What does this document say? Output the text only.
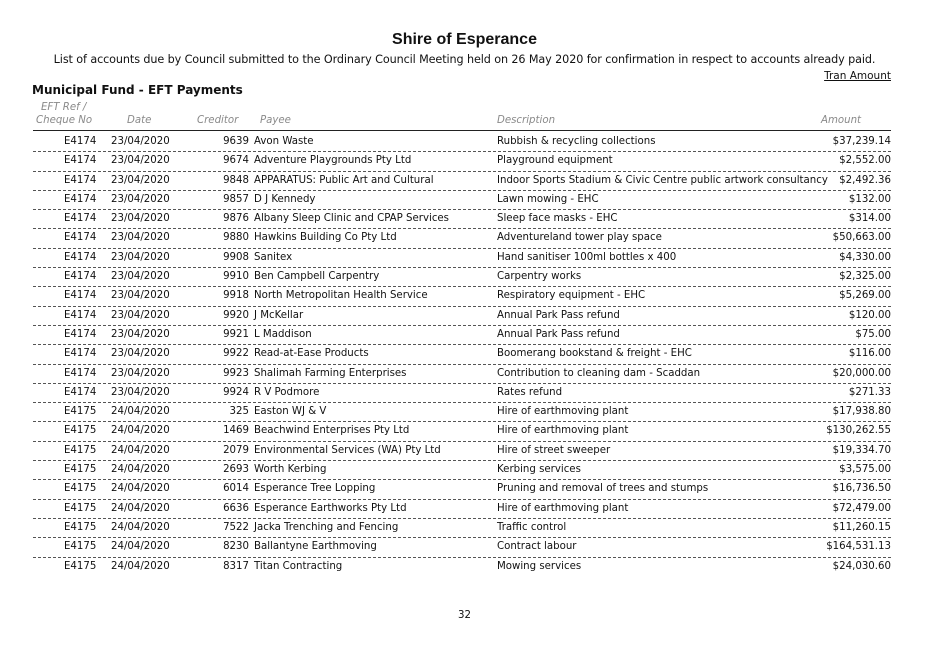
Shire of Esperance
List of accounts due by Council submitted to the Ordinary Council Meeting held on 26 May 2020 for confirmation in respect to accounts already paid.
Tran Amount
Municipal Fund - EFT Payments
EFT Ref /
Cheque No	Date	Creditor Payee	Description	Amount
E4174 23/04/2020	9639 Avon Waste	Rubbish & recycling collections	$37,239.14
E4174 23/04/2020	9674 Adventure Playgrounds Pty Ltd	Playground equipment	$2,552.00
E4174 23/04/2020	9848 APPARATUS: Public Art and Cultural	Indoor Sports Stadium & Civic Centre public artwork consultancy $2,492.36
E4174 23/04/2020	9857 D J Kennedy	Lawn mowing - EHC	$132.00
E4174 23/04/2020	9876 Albany Sleep Clinic and CPAP Services	Sleep face masks - EHC	$314.00
E4174 23/04/2020	9880 Hawkins Building Co Pty Ltd	Adventureland tower play space	$50,663.00
E4174 23/04/2020	9908 Sanitex	Hand sanitiser 100ml bottles x 400	$4,330.00
E4174 23/04/2020	9910 Ben Campbell Carpentry	Carpentry works	$2,325.00
E4174 23/04/2020	9918 North Metropolitan Health Service	Respiratory equipment - EHC	$5,269.00
E4174 23/04/2020	9920 J McKellar	Annual Park Pass refund	$120.00
E4174 23/04/2020	9921 L Maddison	Annual Park Pass refund	$75.00
E4174 23/04/2020	9922 Read-at-Ease Products	Boomerang bookstand & freight - EHC	$116.00
E4174 23/04/2020	9923 Shalimah Farming Enterprises	Contribution to cleaning dam - Scaddan	$20,000.00
E4174 23/04/2020	9924 R V Podmore	Rates refund	$271.33
E4175 24/04/2020	325 Easton WJ & V	Hire of earthmoving plant	$17,938.80
E4175 24/04/2020	1469 Beachwind Enterprises Pty Ltd	Hire of earthmoving plant	$130,262.55
E4175 24/04/2020	2079 Environmental Services (WA) Pty Ltd	Hire of street sweeper	$19,334.70
E4175 24/04/2020	2693 Worth Kerbing	Kerbing services	$3,575.00
E4175 24/04/2020	6014 Esperance Tree Lopping	Pruning and removal of trees and stumps	$16,736.50
E4175 24/04/2020	6636 Esperance Earthworks Pty Ltd	Hire of earthmoving plant	$72,479.00
E4175 24/04/2020	7522 Jacka Trenching and Fencing	Traffic control	$11,260.15
E4175 24/04/2020	8230 Ballantyne Earthmoving	Contract labour	$164,531.13
E4175 24/04/2020	8317 Titan Contracting	Mowing services	$24,030.60
32
